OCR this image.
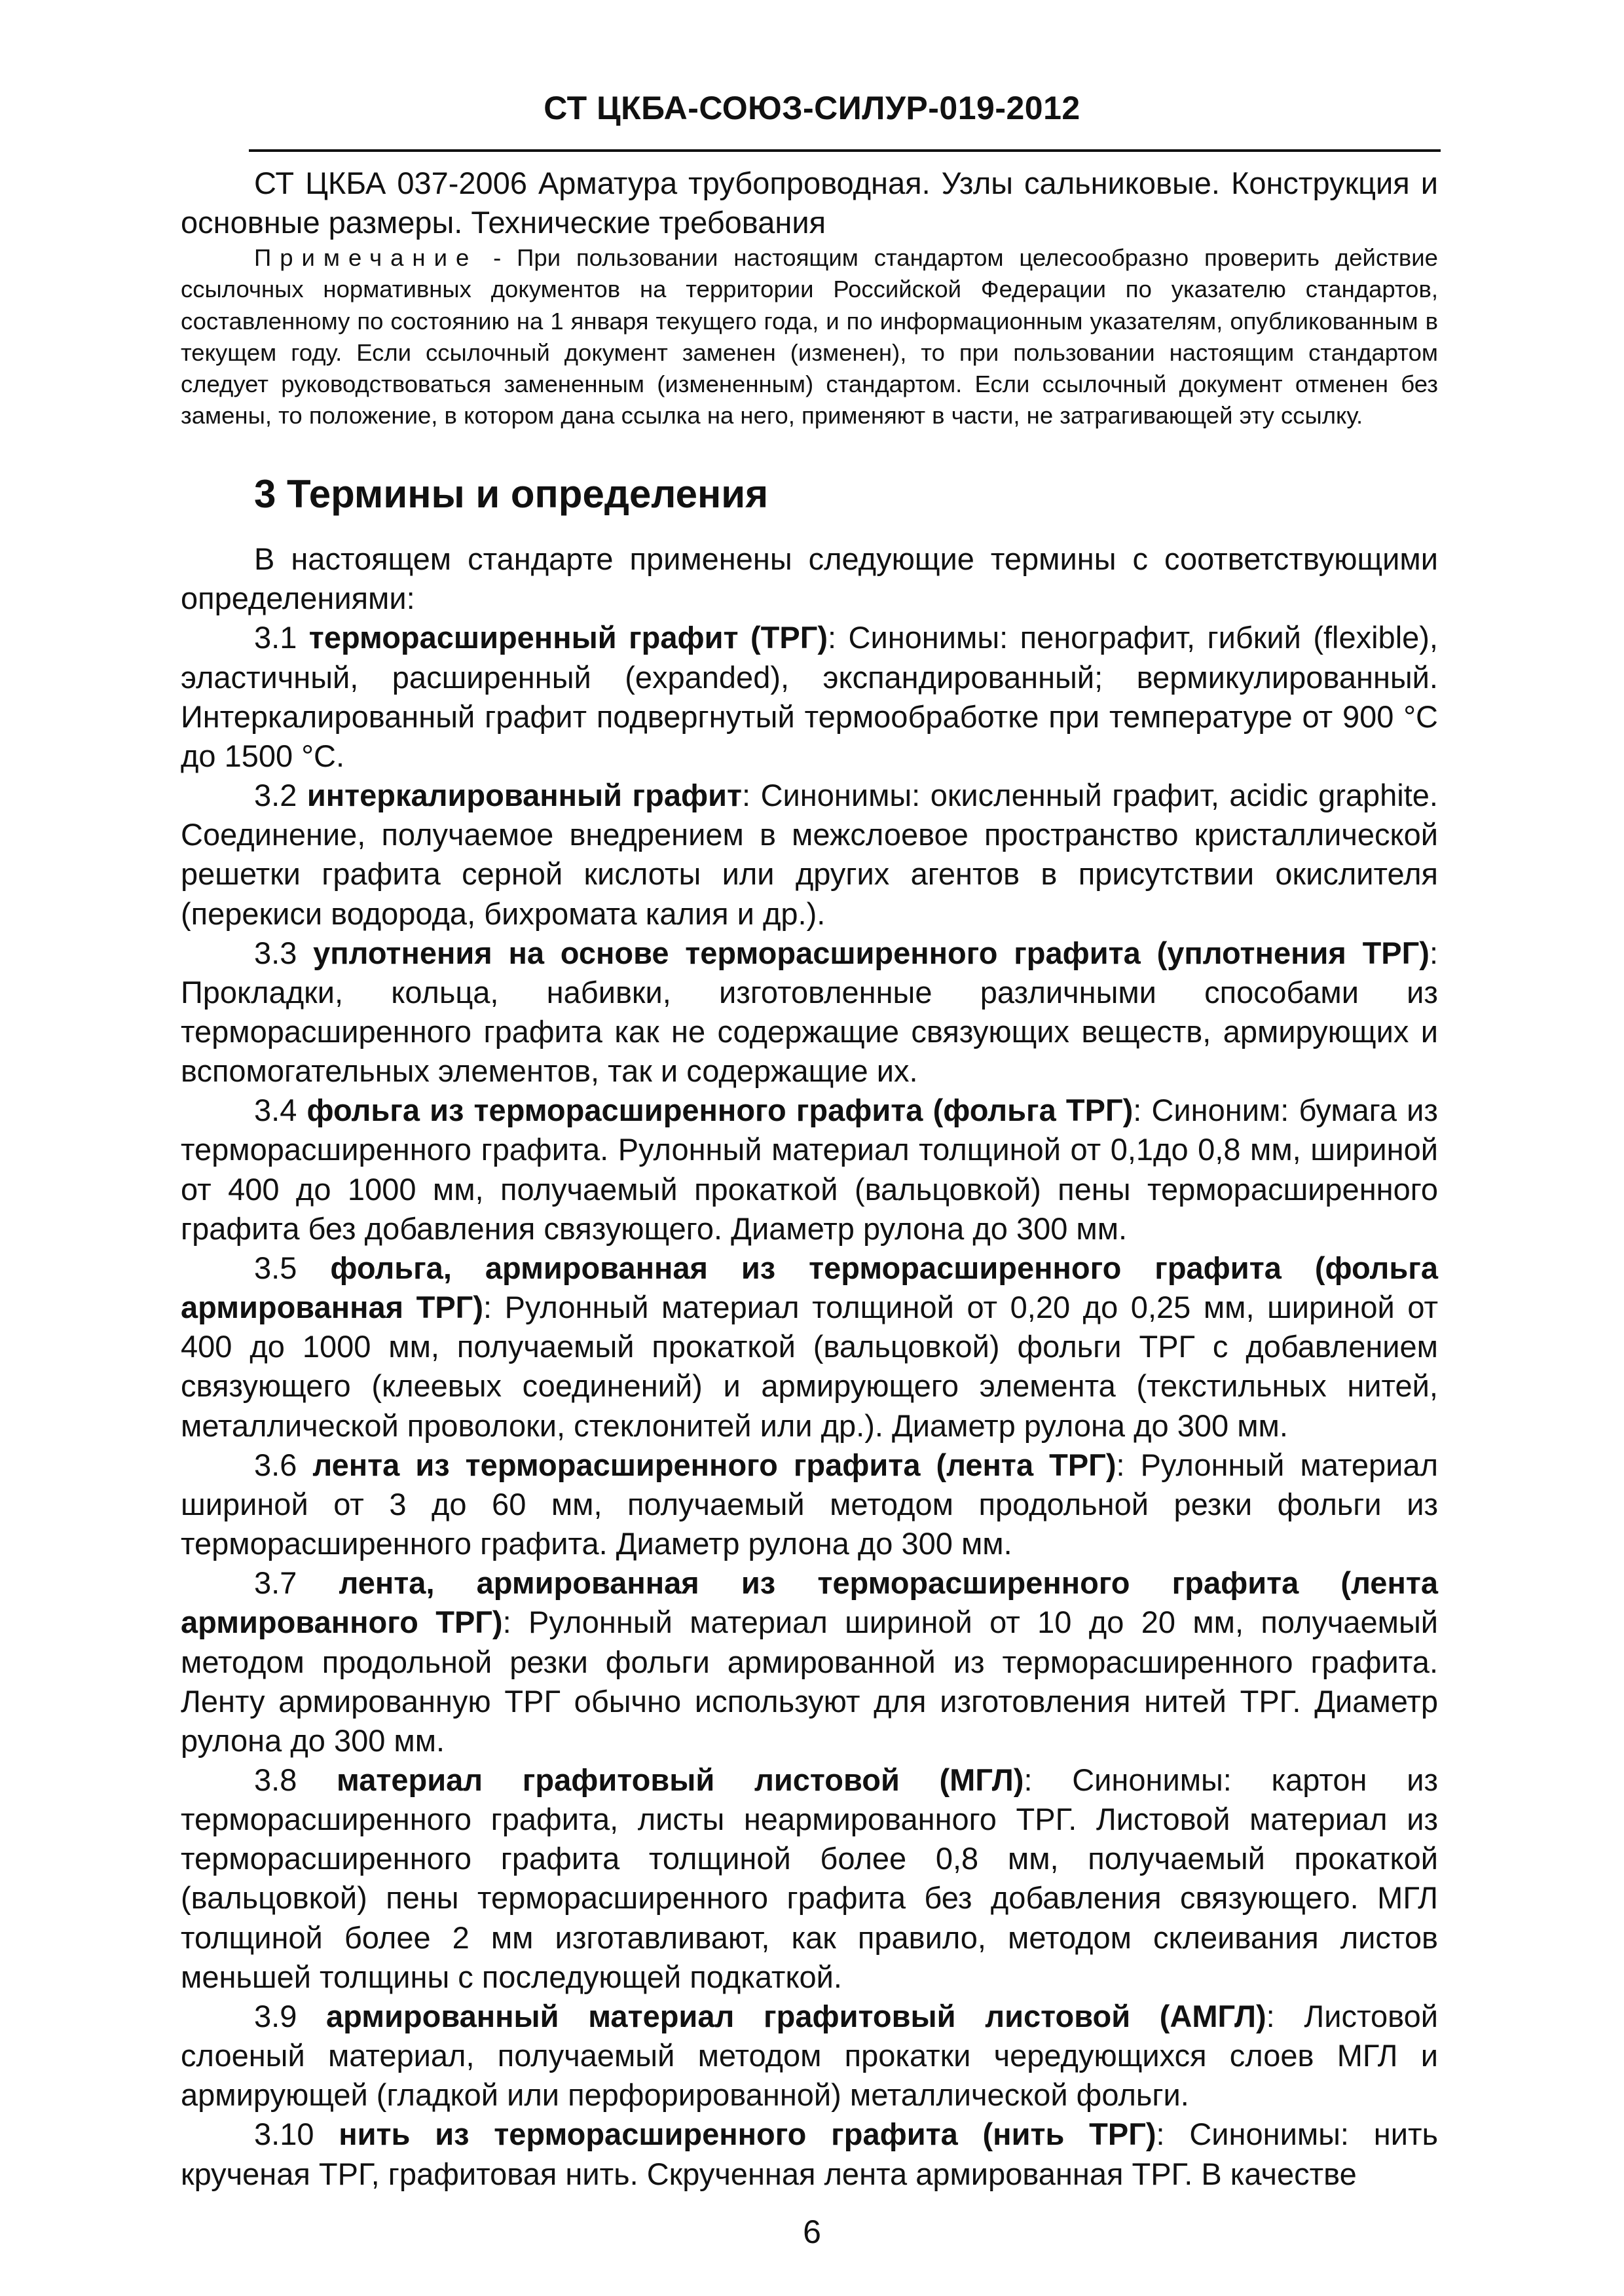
СТ ЦКБА-СОЮЗ-СИЛУР-019-2012

СТ ЦКБА 037-2006 Арматура трубопроводная. Узлы сальниковые. Конструкция и основные размеры. Технические требования

Примечание - При пользовании настоящим стандартом целесообразно проверить действие ссылочных нормативных документов на территории Российской Федерации по указателю стандартов, составленному по состоянию на 1 января текущего года, и по информационным указателям, опубликованным в текущем году. Если ссылочный документ заменен (изменен), то при пользовании настоящим стандартом следует руководствоваться замененным (измененным) стандартом. Если ссылочный документ отменен без замены, то положение, в котором дана ссылка на него, применяют в части, не затрагивающей эту ссылку.

3 Термины и определения

В настоящем стандарте применены следующие термины с соответствующими определениями:

3.1 терморасширенный графит (ТРГ): Синонимы: пенографит, гибкий (flexible), эластичный, расширенный (expanded), экспандированный; вермикулированный. Интеркалированный графит подвергнутый термообработке при температуре от 900 °С до 1500 °С.

3.2 интеркалированный графит: Синонимы: окисленный графит, acidic graphite. Соединение, получаемое внедрением в межслоевое пространство кристаллической решетки графита серной кислоты или других агентов в присутствии окислителя (перекиси водорода, бихромата калия и др.).

3.3 уплотнения на основе терморасширенного графита (уплотнения ТРГ): Прокладки, кольца, набивки, изготовленные различными способами из терморасширенного графита как не содержащие связующих веществ, армирующих и вспомогательных элементов, так и содержащие их.

3.4 фольга из терморасширенного графита (фольга ТРГ): Синоним: бумага из терморасширенного графита. Рулонный материал толщиной от 0,1до 0,8 мм, шириной от 400 до 1000 мм, получаемый прокаткой (вальцовкой) пены терморасширенного графита без добавления связующего. Диаметр рулона до 300 мм.

3.5 фольга, армированная из терморасширенного графита (фольга армированная ТРГ): Рулонный материал толщиной от 0,20 до 0,25 мм, шириной от 400 до 1000 мм, получаемый прокаткой (вальцовкой) фольги ТРГ с добавлением связующего (клеевых соединений) и армирующего элемента (текстильных нитей, металлической проволоки, стеклонитей или др.). Диаметр рулона до 300 мм.

3.6 лента из терморасширенного графита (лента ТРГ): Рулонный материал шириной от 3 до 60 мм, получаемый методом продольной резки фольги из терморасширенного графита. Диаметр рулона до 300 мм.

3.7 лента, армированная из терморасширенного графита (лента армированного ТРГ): Рулонный материал шириной от 10 до 20 мм, получаемый методом продольной резки фольги армированной из терморасширенного графита. Ленту армированную ТРГ обычно используют для изготовления нитей ТРГ. Диаметр рулона до 300 мм.

3.8 материал графитовый листовой (МГЛ): Синонимы: картон из терморасширенного графита, листы неармированного ТРГ. Листовой материал из терморасширенного графита толщиной более 0,8 мм, получаемый прокаткой (вальцовкой) пены терморасширенного графита без добавления связующего. МГЛ толщиной более 2 мм изготавливают, как правило, методом склеивания листов меньшей толщины с последующей подкаткой.

3.9 армированный материал графитовый листовой (АМГЛ): Листовой слоеный материал, получаемый методом прокатки чередующихся слоев МГЛ и армирующей (гладкой или перфорированной) металлической фольги.

3.10 нить из терморасширенного графита (нить ТРГ): Синонимы: нить крученая ТРГ, графитовая нить. Скрученная лента армированная ТРГ. В качестве

6
